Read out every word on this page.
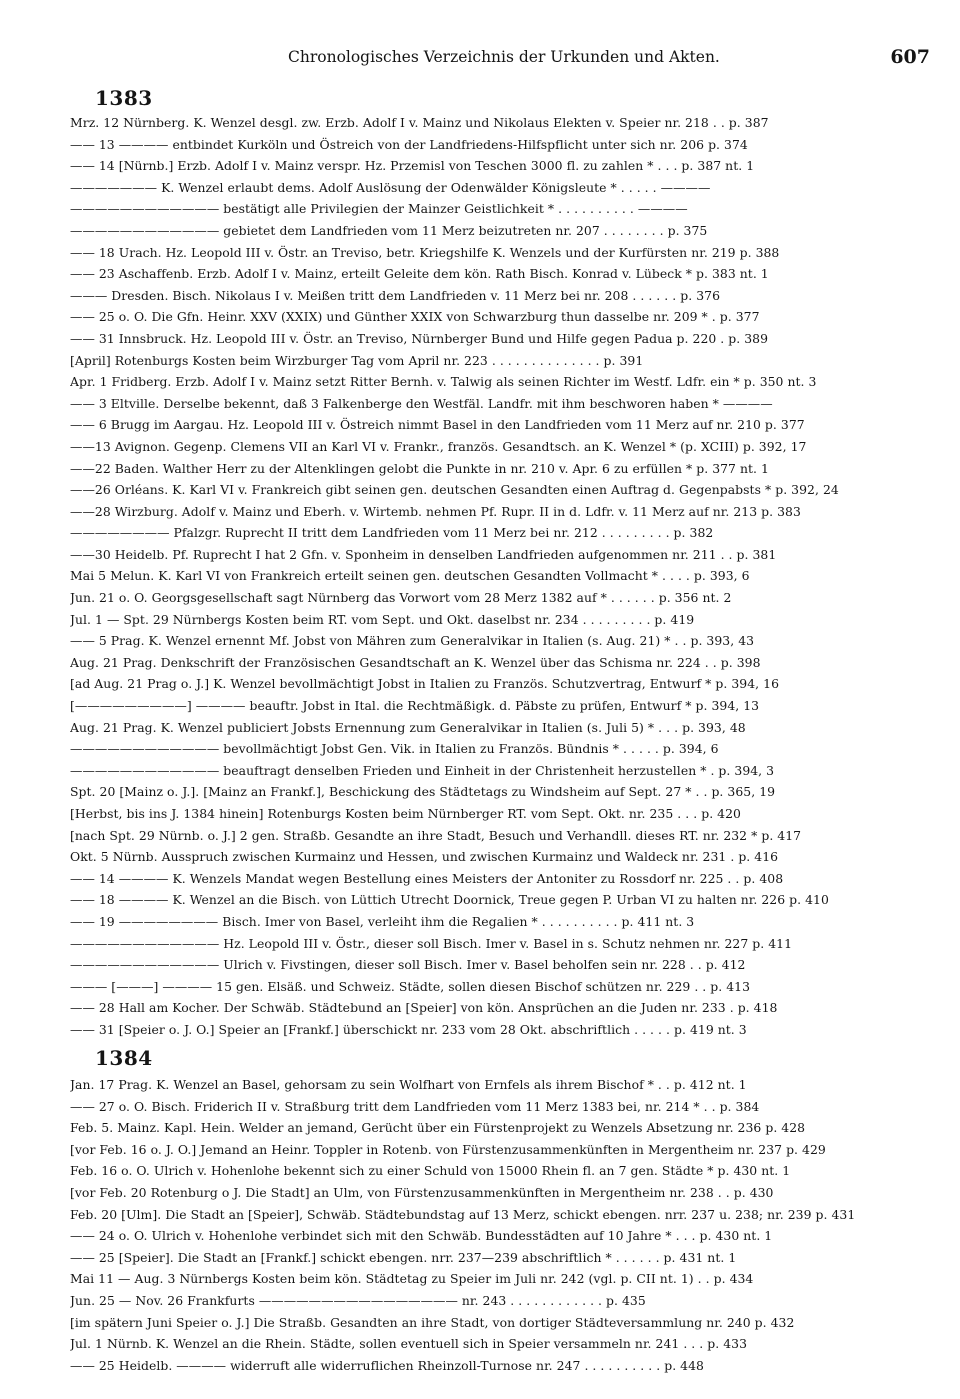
Chronologisches Verzeichnis der Urkunden und Akten.	607
1383
Mrz. 12 Nürnberg. K. Wenzel desgl. zw. Erzb. Adolf I v. Mainz und Nikolaus Elekten v. Speier nr. 218 . . p. 387
—— 13 ———— entbindet Kurköln und Östreich von der Landfriedens-Hilfspflicht unter sich nr. 206 p. 374
—— 14 [Nürnb.] Erzb. Adolf I v. Mainz verspr. Hz. Przemisl von Teschen 3000 fl. zu zahlen * . . . p. 387 nt. 1
——————— K. Wenzel erlaubt dems. Adolf Auslösung der Odenwälder Königsleute * . . . . . ————
———————————— bestätigt alle Privilegien der Mainzer Geistlichkeit * . . . . . . . . . . ————
———————————— gebietet dem Landfrieden vom 11 Merz beizutreten nr. 207 . . . . . . . . p. 375
—— 18 Urach. Hz. Leopold III v. Östr. an Treviso, betr. Kriegshilfe K. Wenzels und der Kurfürsten nr. 219 p. 388
—— 23 Aschaffenb. Erzb. Adolf I v. Mainz, erteilt Geleite dem kön. Rath Bisch. Konrad v. Lübeck * p. 383 nt. 1
——— Dresden. Bisch. Nikolaus I v. Meißen tritt dem Landfrieden v. 11 Merz bei nr. 208 . . . . . . p. 376
—— 25 o. O. Die Gfn. Heinr. XXV (XXIX) und Günther XXIX von Schwarzburg thun dasselbe nr. 209 * . p. 377
—— 31 Innsbruck. Hz. Leopold III v. Östr. an Treviso, Nürnberger Bund und Hilfe gegen Padua p. 220 . p. 389
[April] Rotenburgs Kosten beim Wirzburger Tag vom April nr. 223 . . . . . . . . . . . . . . p. 391
Apr. 1 Fridberg. Erzb. Adolf I v. Mainz setzt Ritter Bernh. v. Talwig als seinen Richter im Westf. Ldfr. ein * p. 350 nt. 3
—— 3 Eltville. Derselbe bekennt, daß 3 Falkenberge den Westfäl. Landfr. mit ihm beschworen haben * ————
—— 6 Brugg im Aargau. Hz. Leopold III v. Östreich nimmt Basel in den Landfrieden vom 11 Merz auf nr. 210 p. 377
——13 Avignon. Gegenp. Clemens VII an Karl VI v. Frankr., französ. Gesandtsch. an K. Wenzel * (p. XCIII) p. 392, 17
——22 Baden. Walther Herr zu der Altenklingen gelobt die Punkte in nr. 210 v. Apr. 6 zu erfüllen * p. 377 nt. 1
——26 Orléans. K. Karl VI v. Frankreich gibt seinen gen. deutschen Gesandten einen Auftrag d. Gegenpabsts * p. 392, 24
——28 Wirzburg. Adolf v. Mainz und Eberh. v. Wirtemb. nehmen Pf. Rupr. II in d. Ldfr. v. 11 Merz auf nr. 213 p. 383
———————— Pfalzgr. Ruprecht II tritt dem Landfrieden vom 11 Merz bei nr. 212 . . . . . . . . . p. 382
——30 Heidelb. Pf. Ruprecht I hat 2 Gfn. v. Sponheim in denselben Landfrieden aufgenommen nr. 211 . . p. 381
Mai 5 Melun. K. Karl VI von Frankreich erteilt seinen gen. deutschen Gesandten Vollmacht * . . . . p. 393, 6
Jun. 21 o. O. Georgsgesellschaft sagt Nürnberg das Vorwort vom 28 Merz 1382 auf * . . . . . . p. 356 nt. 2
Jul. 1 — Spt. 29 Nürnbergs Kosten beim RT. vom Sept. und Okt. daselbst nr. 234 . . . . . . . . . p. 419
—— 5 Prag. K. Wenzel ernennt Mf. Jobst von Mähren zum Generalvikar in Italien (s. Aug. 21) * . . p. 393, 43
Aug. 21 Prag. Denkschrift der Französischen Gesandtschaft an K. Wenzel über das Schisma nr. 224 . . p. 398
[ad Aug. 21 Prag o. J.] K. Wenzel bevollmächtigt Jobst in Italien zu Französ. Schutzvertrag, Entwurf * p. 394, 16
[—————————] ———— beauftr. Jobst in Ital. die Rechtmäßigk. d. Päbste zu prüfen, Entwurf * p. 394, 13
Aug. 21 Prag. K. Wenzel publiciert Jobsts Ernennung zum Generalvikar in Italien (s. Juli 5) * . . . p. 393, 48
———————————— bevollmächtigt Jobst Gen. Vik. in Italien zu Französ. Bündnis * . . . . . p. 394, 6
———————————— beauftragt denselben Frieden und Einheit in der Christenheit herzustellen * . p. 394, 3
Spt. 20 [Mainz o. J.]. [Mainz an Frankf.], Beschickung des Städtetags zu Windsheim auf Sept. 27 * . . p. 365, 19
[Herbst, bis ins J. 1384 hinein] Rotenburgs Kosten beim Nürnberger RT. vom Sept. Okt. nr. 235 . . . p. 420
[nach Spt. 29 Nürnb. o. J.] 2 gen. Straßb. Gesandte an ihre Stadt, Besuch und Verhandll. dieses RT. nr. 232 * p. 417
Okt. 5 Nürnb. Ausspruch zwischen Kurmainz und Hessen, und zwischen Kurmainz und Waldeck nr. 231 . p. 416
—— 14 ———— K. Wenzels Mandat wegen Bestellung eines Meisters der Antoniter zu Rossdorf nr. 225 . . p. 408
—— 18 ———— K. Wenzel an die Bisch. von Lüttich Utrecht Doornick, Treue gegen P. Urban VI zu halten nr. 226 p. 410
—— 19 ———————— Bisch. Imer von Basel, verleiht ihm die Regalien * . . . . . . . . . . p. 411 nt. 3
———————————— Hz. Leopold III v. Östr., dieser soll Bisch. Imer v. Basel in s. Schutz nehmen nr. 227 p. 411
———————————— Ulrich v. Fivstingen, dieser soll Bisch. Imer v. Basel beholfen sein nr. 228 . . p. 412
——— [———] ———— 15 gen. Elsäß. und Schweiz. Städte, sollen diesen Bischof schützen nr. 229 . . p. 413
—— 28 Hall am Kocher. Der Schwäb. Städtebund an [Speier] von kön. Ansprüchen an die Juden nr. 233 . p. 418
—— 31 [Speier o. J. O.] Speier an [Frankf.] überschickt nr. 233 vom 28 Okt. abschriftlich . . . . . p. 419 nt. 3
1384
Jan. 17 Prag. K. Wenzel an Basel, gehorsam zu sein Wolfhart von Ernfels als ihrem Bischof * . . p. 412 nt. 1
—— 27 o. O. Bisch. Friderich II v. Straßburg tritt dem Landfrieden vom 11 Merz 1383 bei, nr. 214 * . . p. 384
Feb. 5. Mainz. Kapl. Hein. Welder an jemand, Gerücht über ein Fürstenprojekt zu Wenzels Absetzung nr. 236 p. 428
[vor Feb. 16 o. J. O.] Jemand an Heinr. Toppler in Rotenb. von Fürstenzusammenkünften in Mergentheim nr. 237 p. 429
Feb. 16 o. O. Ulrich v. Hohenlohe bekennt sich zu einer Schuld von 15000 Rhein fl. an 7 gen. Städte * p. 430 nt. 1
[vor Feb. 20 Rotenburg o J. Die Stadt] an Ulm, von Fürstenzusammenkünften in Mergentheim nr. 238 . . p. 430
Feb. 20 [Ulm]. Die Stadt an [Speier], Schwäb. Städtebundstag auf 13 Merz, schickt ebengen. nrr. 237 u. 238; nr. 239 p. 431
—— 24 o. O. Ulrich v. Hohenlohe verbindet sich mit den Schwäb. Bundesstädten auf 10 Jahre * . . . p. 430 nt. 1
—— 25 [Speier]. Die Stadt an [Frankf.] schickt ebengen. nrr. 237—239 abschriftlich * . . . . . . p. 431 nt. 1
Mai 11 — Aug. 3 Nürnbergs Kosten beim kön. Städtetag zu Speier im Juli nr. 242 (vgl. p. CII nt. 1) . . p. 434
Jun. 25 — Nov. 26 Frankfurts ———————————————— nr. 243 . . . . . . . . . . . . p. 435
[im spätern Juni Speier o. J.] Die Straßb. Gesandten an ihre Stadt, von dortiger Städteversammlung nr. 240 p. 432
Jul. 1 Nürnb. K. Wenzel an die Rhein. Städte, sollen eventuell sich in Speier versammeln nr. 241 . . . p. 433
—— 25 Heidelb. ———— widerruft alle widerruflichen Rheinzoll-Turnose nr. 247 . . . . . . . . . . p. 448
